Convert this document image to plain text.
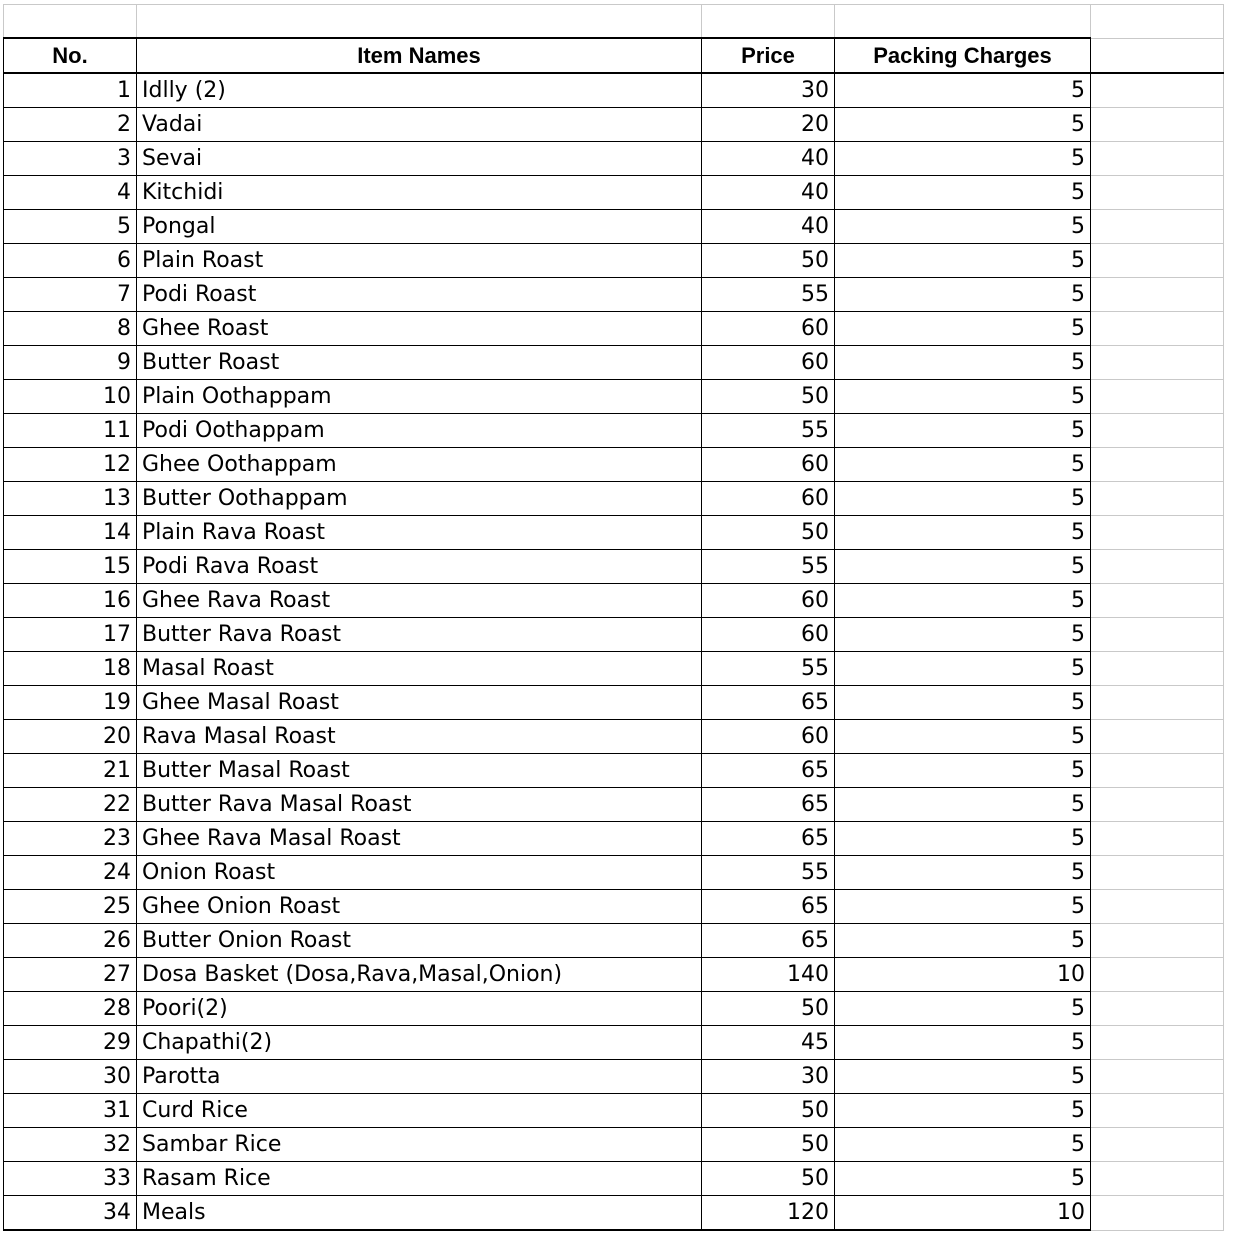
No.	Item Names	Price	Packing Charges	
1	Idlly (2)	30	5	
2	Vadai	20	5	
3	Sevai	40	5	
4	Kitchidi	40	5	
5	Pongal	40	5	
6	Plain Roast	50	5	
7	Podi Roast	55	5	
8	Ghee Roast	60	5	
9	Butter Roast	60	5	
10	Plain Oothappam	50	5	
11	Podi Oothappam	55	5	
12	Ghee Oothappam	60	5	
13	Butter Oothappam	60	5	
14	Plain Rava Roast	50	5	
15	Podi Rava Roast	55	5	
16	Ghee Rava Roast	60	5	
17	Butter Rava Roast	60	5	
18	Masal Roast	55	5	
19	Ghee Masal Roast	65	5	
20	Rava Masal Roast	60	5	
21	Butter Masal Roast	65	5	
22	Butter Rava Masal Roast	65	5	
23	Ghee Rava Masal Roast	65	5	
24	Onion Roast	55	5	
25	Ghee Onion Roast	65	5	
26	Butter Onion Roast	65	5	
27	Dosa Basket (Dosa,Rava,Masal,Onion)	140	10	
28	Poori(2)	50	5	
29	Chapathi(2)	45	5	
30	Parotta	30	5	
31	Curd Rice	50	5	
32	Sambar Rice	50	5	
33	Rasam Rice	50	5	
34	Meals	120	10	
